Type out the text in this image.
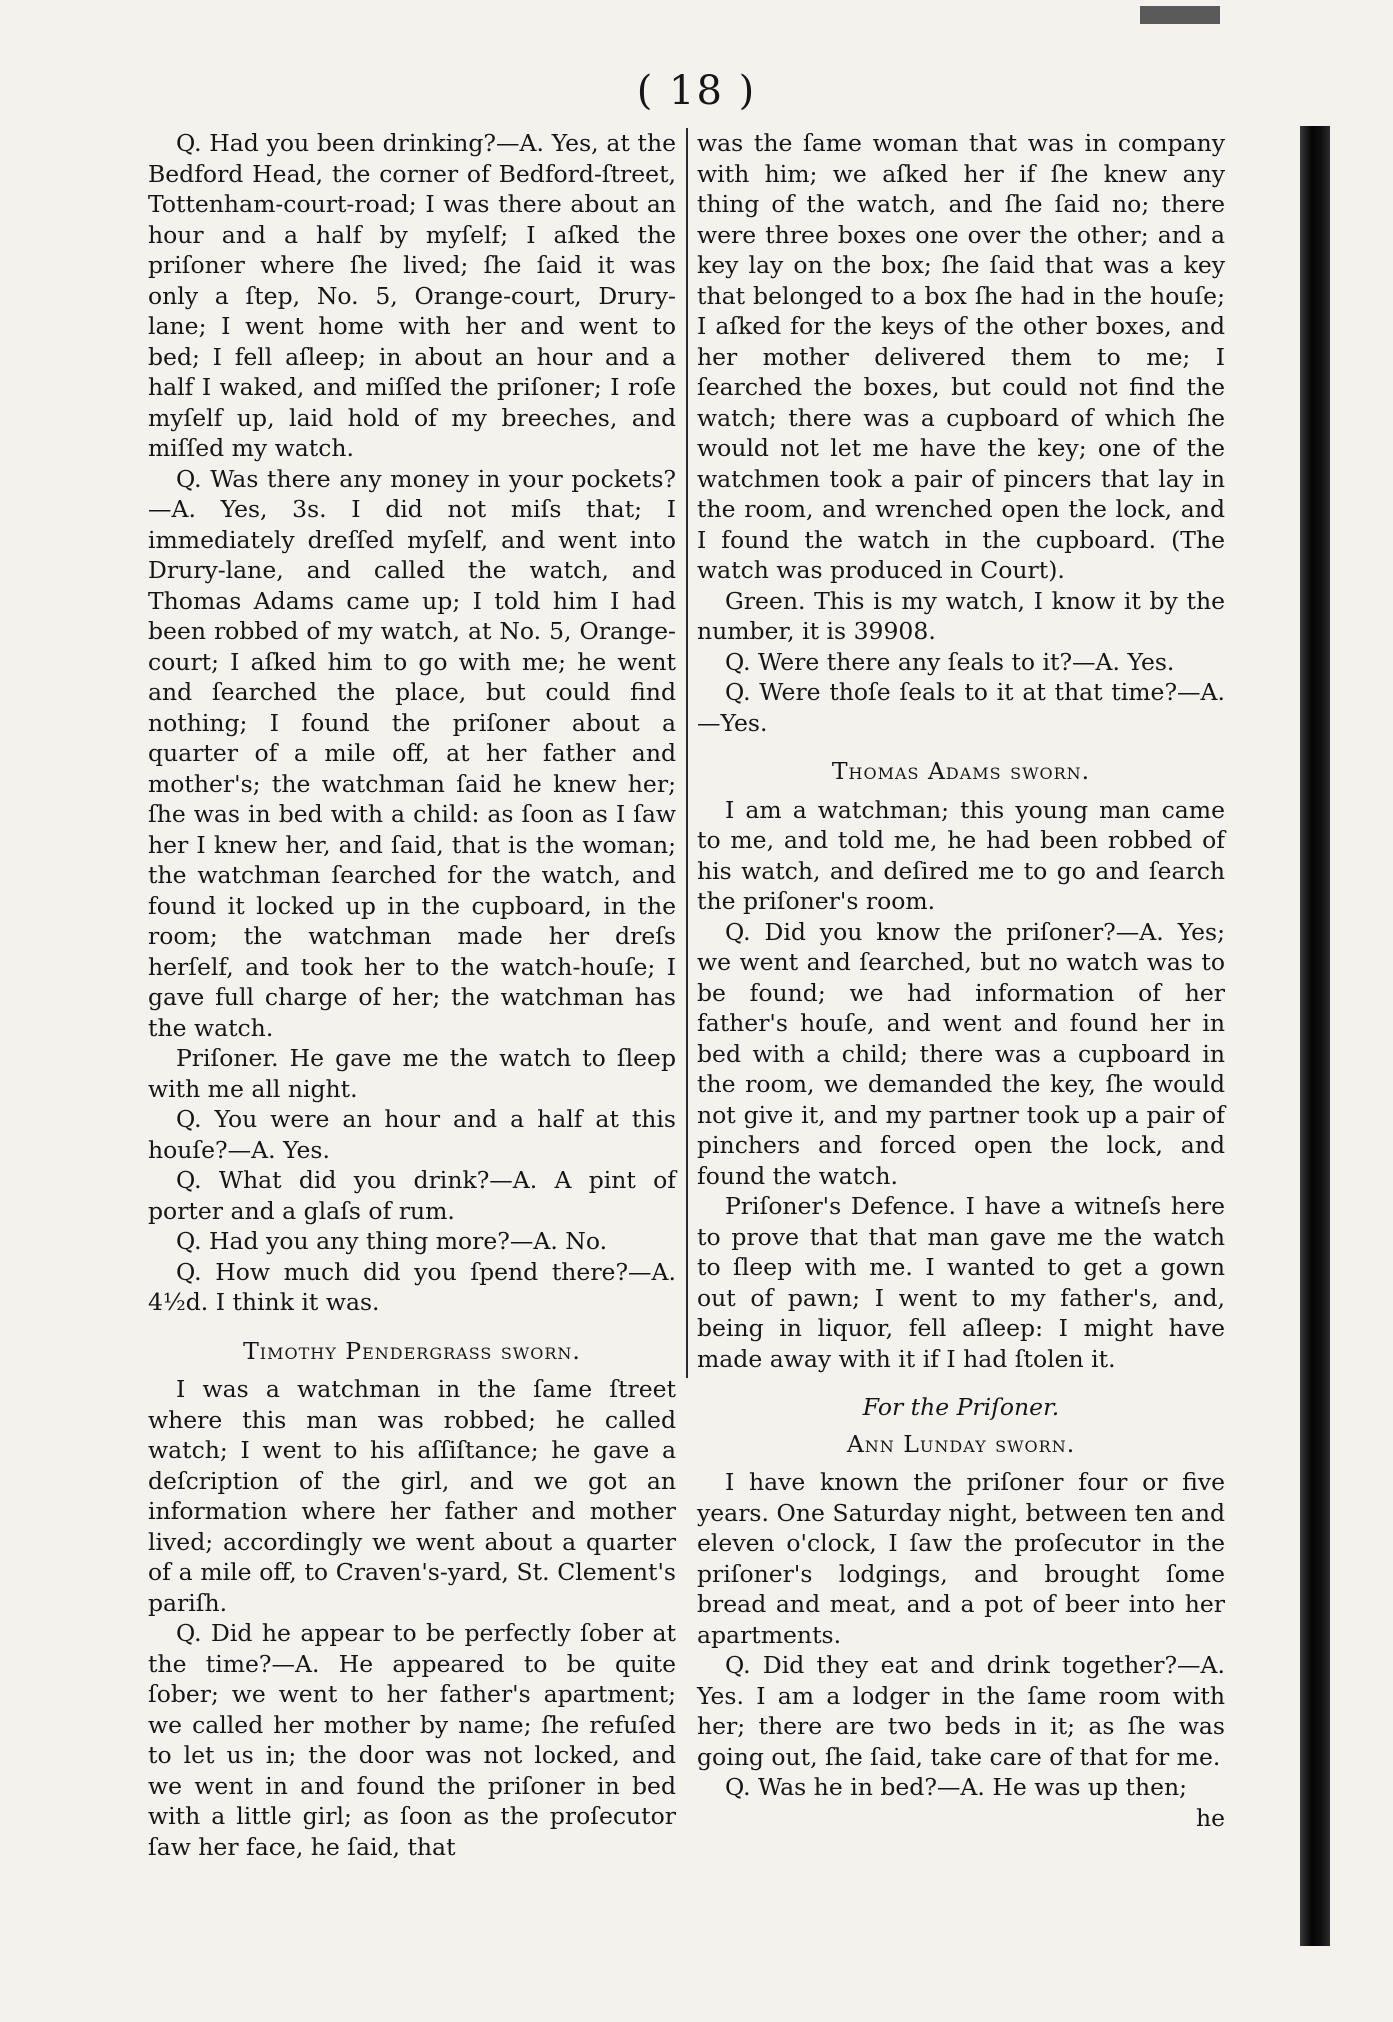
( 18 )

Q. Had you been drinking?—A. Yes, at the Bedford Head, the corner of Bedford-ſtreet, Tottenham-court-road; I was there about an hour and a half by myſelf; I aſked the priſoner where ſhe lived; ſhe ſaid it was only a ſtep, No. 5, Orange-court, Drury-lane; I went home with her and went to bed; I fell aſleep; in about an hour and a half I waked, and miſſed the priſoner; I roſe myſelf up, laid hold of my breeches, and miſſed my watch.

Q. Was there any money in your pockets?—A. Yes, 3s. I did not miſs that; I immediately dreſſed myſelf, and went into Drury-lane, and called the watch, and Thomas Adams came up; I told him I had been robbed of my watch, at No. 5, Orange-court; I aſked him to go with me; he went and ſearched the place, but could find nothing; I found the priſoner about a quarter of a mile off, at her father and mother's; the watchman ſaid he knew her; ſhe was in bed with a child: as ſoon as I ſaw her I knew her, and ſaid, that is the woman; the watchman ſearched for the watch, and found it locked up in the cupboard, in the room; the watchman made her dreſs herſelf, and took her to the watch-houſe; I gave full charge of her; the watchman has the watch.

Priſoner. He gave me the watch to ſleep with me all night.

Q. You were an hour and a half at this houſe?—A. Yes.

Q. What did you drink?—A. A pint of porter and a glaſs of rum.

Q. Had you any thing more?—A. No.

Q. How much did you ſpend there?—A. 4½d. I think it was.

Timothy Pendergrass ſworn.

I was a watchman in the ſame ſtreet where this man was robbed; he called watch; I went to his aſſiſtance; he gave a deſcription of the girl, and we got an information where her father and mother lived; accordingly we went about a quarter of a mile off, to Craven's-yard, St. Clement's pariſh.

Q. Did he appear to be perfectly ſober at the time?—A. He appeared to be quite ſober; we went to her father's apartment; we called her mother by name; ſhe refuſed to let us in; the door was not locked, and we went in and found the priſoner in bed with a little girl; as ſoon as the proſecutor ſaw her face, he ſaid, that

was the ſame woman that was in company with him; we aſked her if ſhe knew any thing of the watch, and ſhe ſaid no; there were three boxes one over the other; and a key lay on the box; ſhe ſaid that was a key that belonged to a box ſhe had in the houſe; I aſked for the keys of the other boxes, and her mother delivered them to me; I ſearched the boxes, but could not find the watch; there was a cupboard of which ſhe would not let me have the key; one of the watchmen took a pair of pincers that lay in the room, and wrenched open the lock, and I found the watch in the cupboard. (The watch was produced in Court).

Green. This is my watch, I know it by the number, it is 39908.

Q. Were there any ſeals to it?—A. Yes.

Q. Were thoſe ſeals to it at that time?—A.—Yes.

Thomas Adams ſworn.

I am a watchman; this young man came to me, and told me, he had been robbed of his watch, and deſired me to go and ſearch the priſoner's room.

Q. Did you know the priſoner?—A. Yes; we went and ſearched, but no watch was to be found; we had information of her father's houſe, and went and found her in bed with a child; there was a cupboard in the room, we demanded the key, ſhe would not give it, and my partner took up a pair of pinchers and forced open the lock, and found the watch.

Priſoner's Defence. I have a witneſs here to prove that that man gave me the watch to ſleep with me. I wanted to get a gown out of pawn; I went to my father's, and, being in liquor, fell aſleep: I might have made away with it if I had ſtolen it.

For the Priſoner.

Ann Lunday ſworn.

I have known the priſoner four or five years. One Saturday night, between ten and eleven o'clock, I ſaw the proſecutor in the priſoner's lodgings, and brought ſome bread and meat, and a pot of beer into her apartments.

Q. Did they eat and drink together?—A. Yes. I am a lodger in the ſame room with her; there are two beds in it; as ſhe was going out, ſhe ſaid, take care of that for me.

Q. Was he in bed?—A. He was up then;

he
